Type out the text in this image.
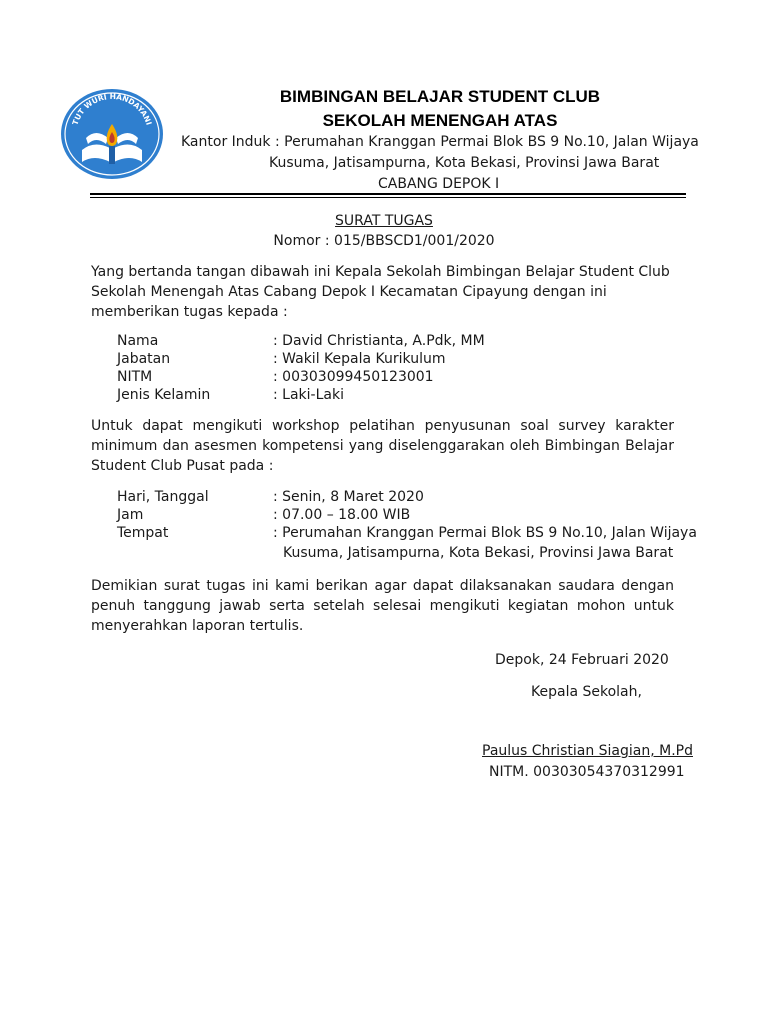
TUT WURI HANDAYANI
BIMBINGAN BELAJAR STUDENT CLUB
SEKOLAH MENENGAH ATAS
Kantor Induk : Perumahan Kranggan Permai Blok BS 9 No.10, Jalan Wijaya
Kusuma, Jatisampurna, Kota Bekasi, Provinsi Jawa Barat
CABANG DEPOK I
SURAT TUGAS
Nomor : 015/BBSCD1/001/2020
Yang bertanda tangan dibawah ini Kepala Sekolah Bimbingan Belajar Student Club
Sekolah Menengah Atas Cabang Depok I Kecamatan Cipayung dengan ini
memberikan tugas kepada :
Nama	: David Christianta, A.Pdk, MM
Jabatan	: Wakil Kepala Kurikulum
NITM	: 00303099450123001
Jenis Kelamin	: Laki-Laki
Untuk dapat mengikuti workshop pelatihan penyusunan soal survey karakter
minimum dan asesmen kompetensi yang diselenggarakan oleh Bimbingan Belajar
Student Club Pusat pada :
Hari, Tanggal	: Senin, 8 Maret 2020
Jam	: 07.00 – 18.00 WIB
Tempat	: Perumahan Kranggan Permai Blok BS 9 No.10, Jalan Wijaya
Kusuma, Jatisampurna, Kota Bekasi, Provinsi Jawa Barat
Demikian surat tugas ini kami berikan agar dapat dilaksanakan saudara dengan
penuh tanggung jawab serta setelah selesai mengikuti kegiatan mohon untuk
menyerahkan laporan tertulis.
Depok, 24 Februari 2020
Kepala Sekolah,
Paulus Christian Siagian, M.Pd
NITM. 00303054370312991
